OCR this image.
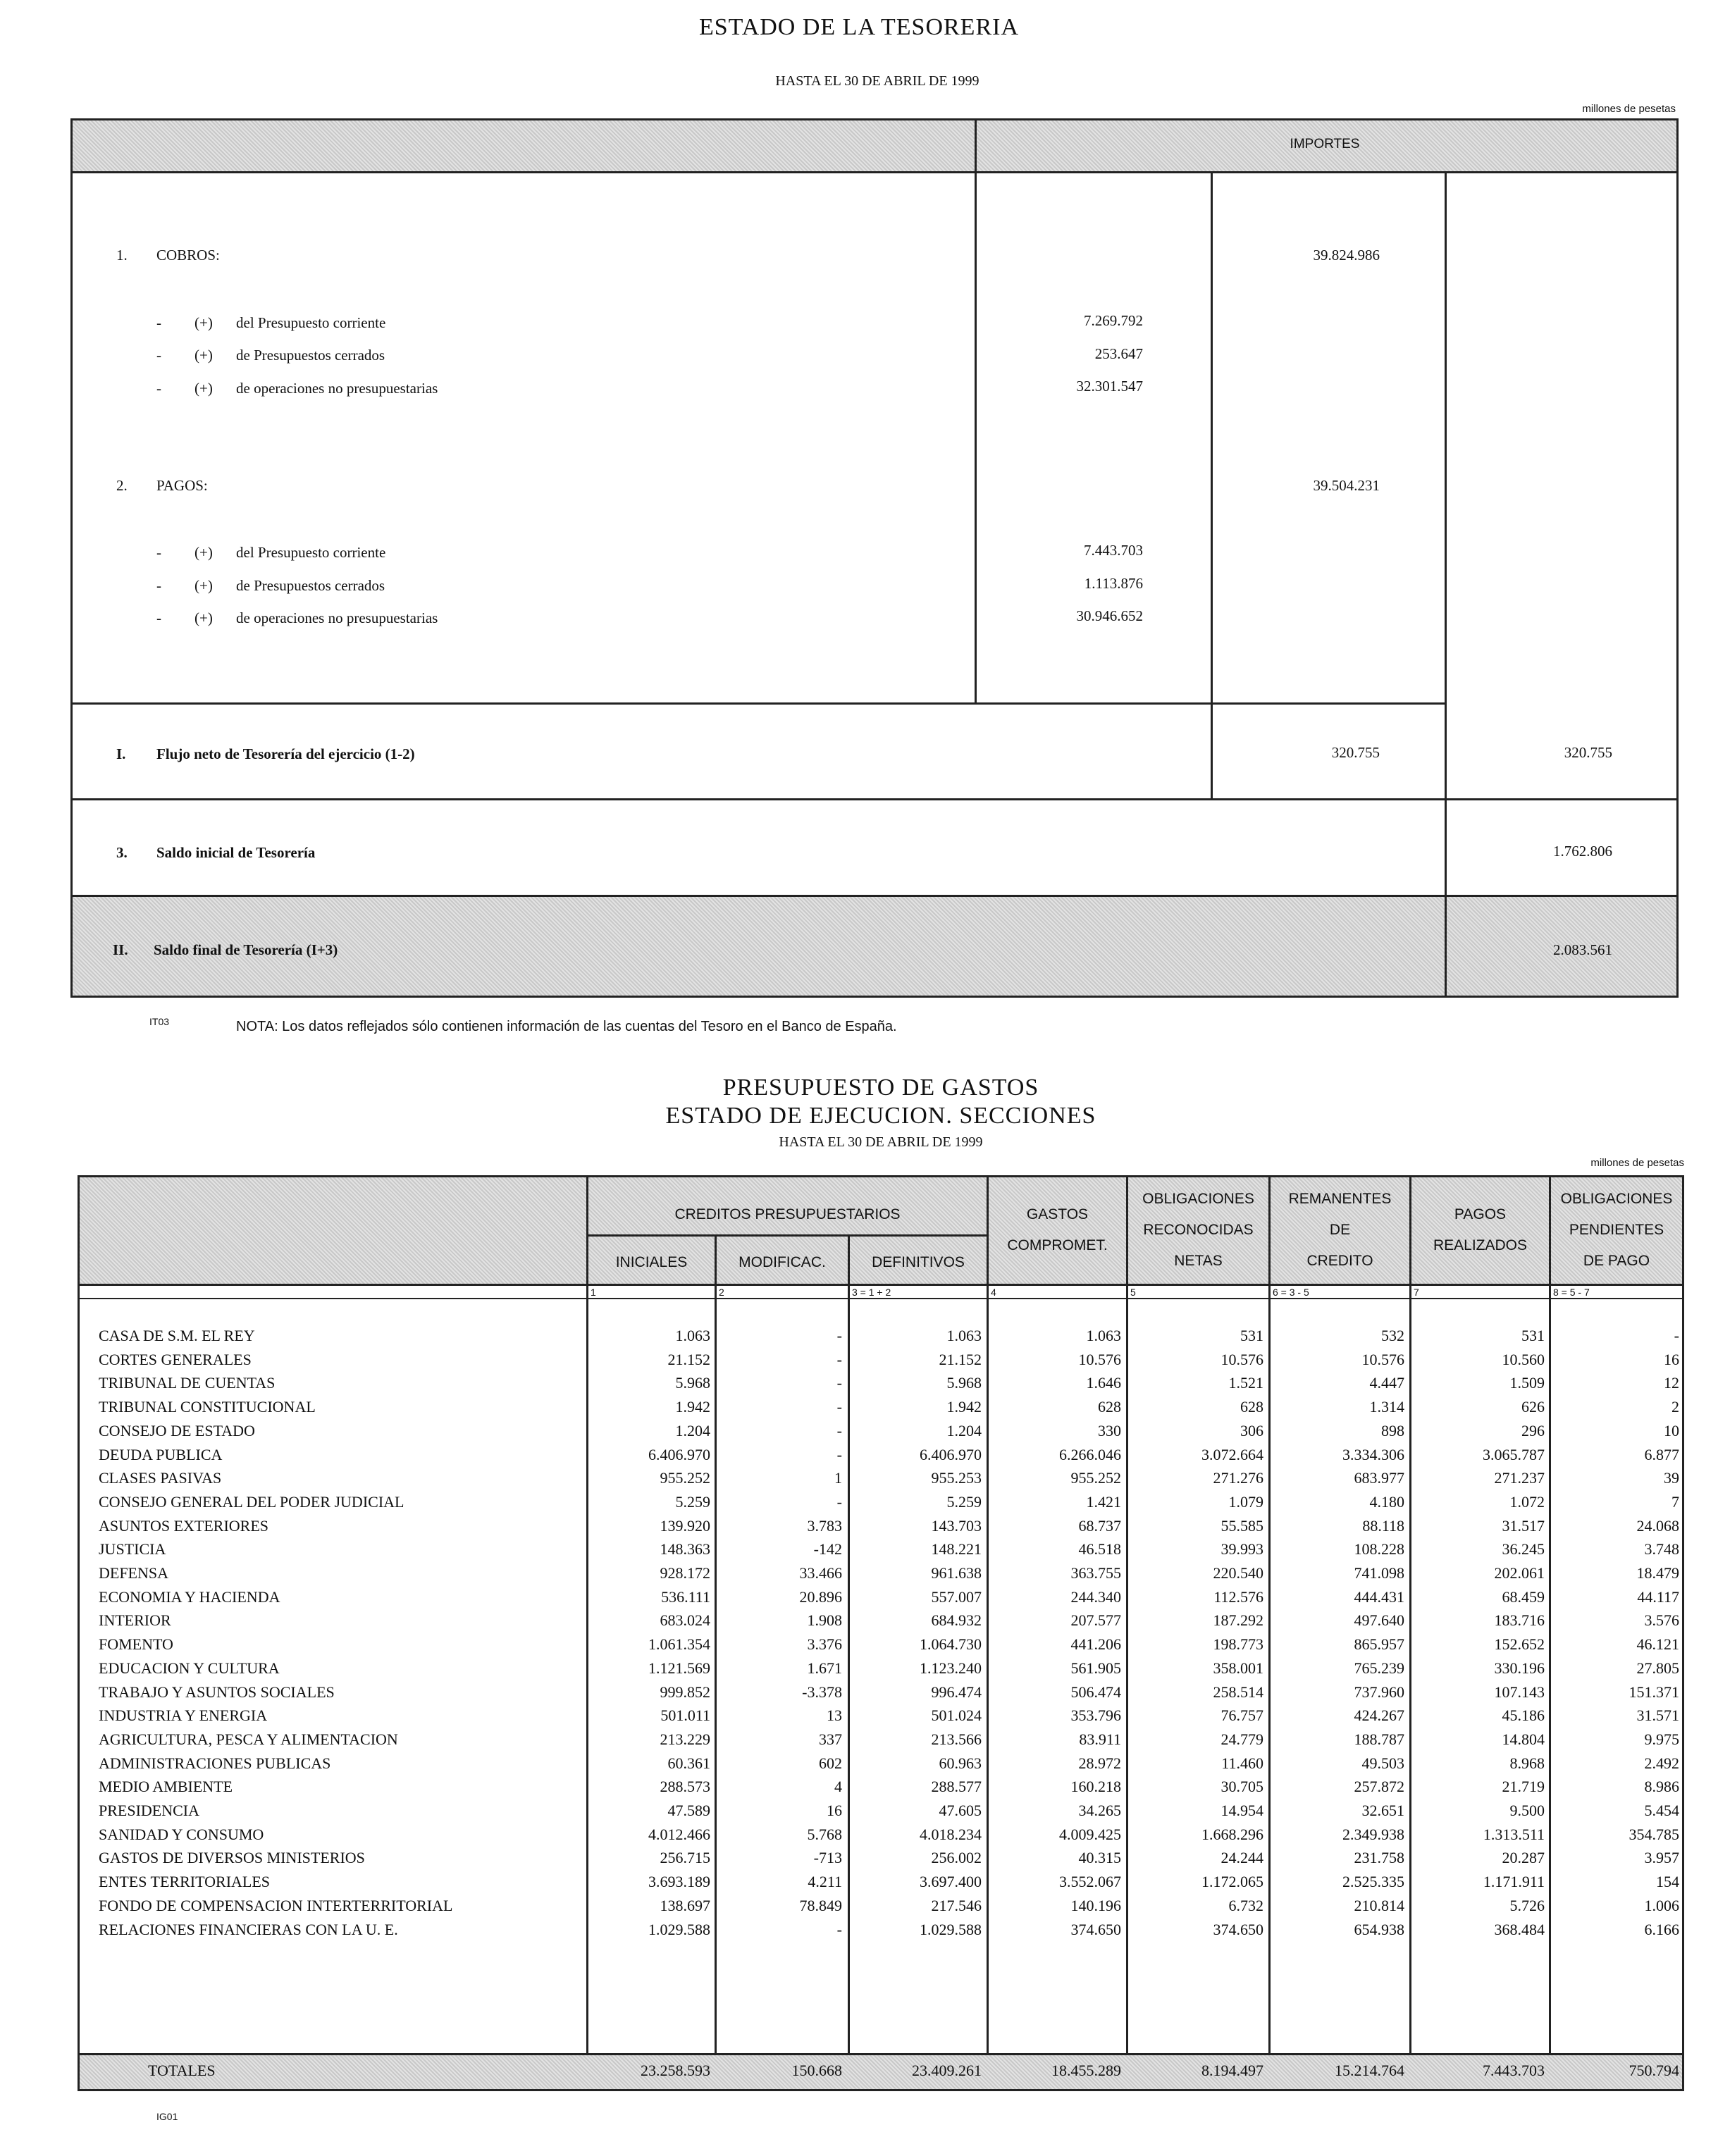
ESTADO DE LA TESORERIA
HASTA EL 30 DE ABRIL DE 1999
millones de pesetas
IMPORTES
1. COBROS:	39.824.986
- (+) del Presupuesto corriente	7.269.792
- (+) de Presupuestos cerrados	253.647
- (+) de operaciones no presupuestarias	32.301.547
2. PAGOS:	39.504.231
- (+) del Presupuesto corriente	7.443.703
- (+) de Presupuestos cerrados	1.113.876
- (+) de operaciones no presupuestarias	30.946.652
I. Flujo neto de Tesorería del ejercicio (1-2)	320.755	320.755
3. Saldo inicial de Tesorería	1.762.806
II. Saldo final de Tesorería (I+3)	2.083.561
IT03	NOTA: Los datos reflejados sólo contienen información de las cuentas del Tesoro en el Banco de España.
PRESUPUESTO DE GASTOS
ESTADO DE EJECUCION. SECCIONES
HASTA EL 30 DE ABRIL DE 1999
millones de pesetas
CREDITOS PRESUPUESTARIOS
INICIALES	MODIFICAC.	DEFINITIVOS
GASTOS
COMPROMET.
OBLIGACIONES
RECONOCIDAS
NETAS
REMANENTES
DE
CREDITO
PAGOS
REALIZADOS
OBLIGACIONES
PENDIENTES
DE PAGO
1	2	3 = 1 + 2	4	5	6 = 3 - 5	7	8 = 5 - 7
CASA DE S.M. EL REY	1.063	-	1.063	1.063	531	532	531	-
CORTES GENERALES	21.152	-	21.152	10.576	10.576	10.576	10.560	16
TRIBUNAL DE CUENTAS	5.968	-	5.968	1.646	1.521	4.447	1.509	12
TRIBUNAL CONSTITUCIONAL	1.942	-	1.942	628	628	1.314	626	2
CONSEJO DE ESTADO	1.204	-	1.204	330	306	898	296	10
DEUDA PUBLICA	6.406.970	-	6.406.970	6.266.046	3.072.664	3.334.306	3.065.787	6.877
CLASES PASIVAS	955.252	1	955.253	955.252	271.276	683.977	271.237	39
CONSEJO GENERAL DEL PODER JUDICIAL	5.259	-	5.259	1.421	1.079	4.180	1.072	7
ASUNTOS EXTERIORES	139.920	3.783	143.703	68.737	55.585	88.118	31.517	24.068
JUSTICIA	148.363	-142	148.221	46.518	39.993	108.228	36.245	3.748
DEFENSA	928.172	33.466	961.638	363.755	220.540	741.098	202.061	18.479
ECONOMIA Y HACIENDA	536.111	20.896	557.007	244.340	112.576	444.431	68.459	44.117
INTERIOR	683.024	1.908	684.932	207.577	187.292	497.640	183.716	3.576
FOMENTO	1.061.354	3.376	1.064.730	441.206	198.773	865.957	152.652	46.121
EDUCACION Y CULTURA	1.121.569	1.671	1.123.240	561.905	358.001	765.239	330.196	27.805
TRABAJO Y ASUNTOS SOCIALES	999.852	-3.378	996.474	506.474	258.514	737.960	107.143	151.371
INDUSTRIA Y ENERGIA	501.011	13	501.024	353.796	76.757	424.267	45.186	31.571
AGRICULTURA, PESCA Y ALIMENTACION	213.229	337	213.566	83.911	24.779	188.787	14.804	9.975
ADMINISTRACIONES PUBLICAS	60.361	602	60.963	28.972	11.460	49.503	8.968	2.492
MEDIO AMBIENTE	288.573	4	288.577	160.218	30.705	257.872	21.719	8.986
PRESIDENCIA	47.589	16	47.605	34.265	14.954	32.651	9.500	5.454
SANIDAD Y CONSUMO	4.012.466	5.768	4.018.234	4.009.425	1.668.296	2.349.938	1.313.511	354.785
GASTOS DE DIVERSOS MINISTERIOS	256.715	-713	256.002	40.315	24.244	231.758	20.287	3.957
ENTES TERRITORIALES	3.693.189	4.211	3.697.400	3.552.067	1.172.065	2.525.335	1.171.911	154
FONDO DE COMPENSACION INTERTERRITORIAL	138.697	78.849	217.546	140.196	6.732	210.814	5.726	1.006
RELACIONES FINANCIERAS CON LA U. E.	1.029.588	-	1.029.588	374.650	374.650	654.938	368.484	6.166
TOTALES	23.258.593	150.668	23.409.261	18.455.289	8.194.497	15.214.764	7.443.703	750.794
IG01
